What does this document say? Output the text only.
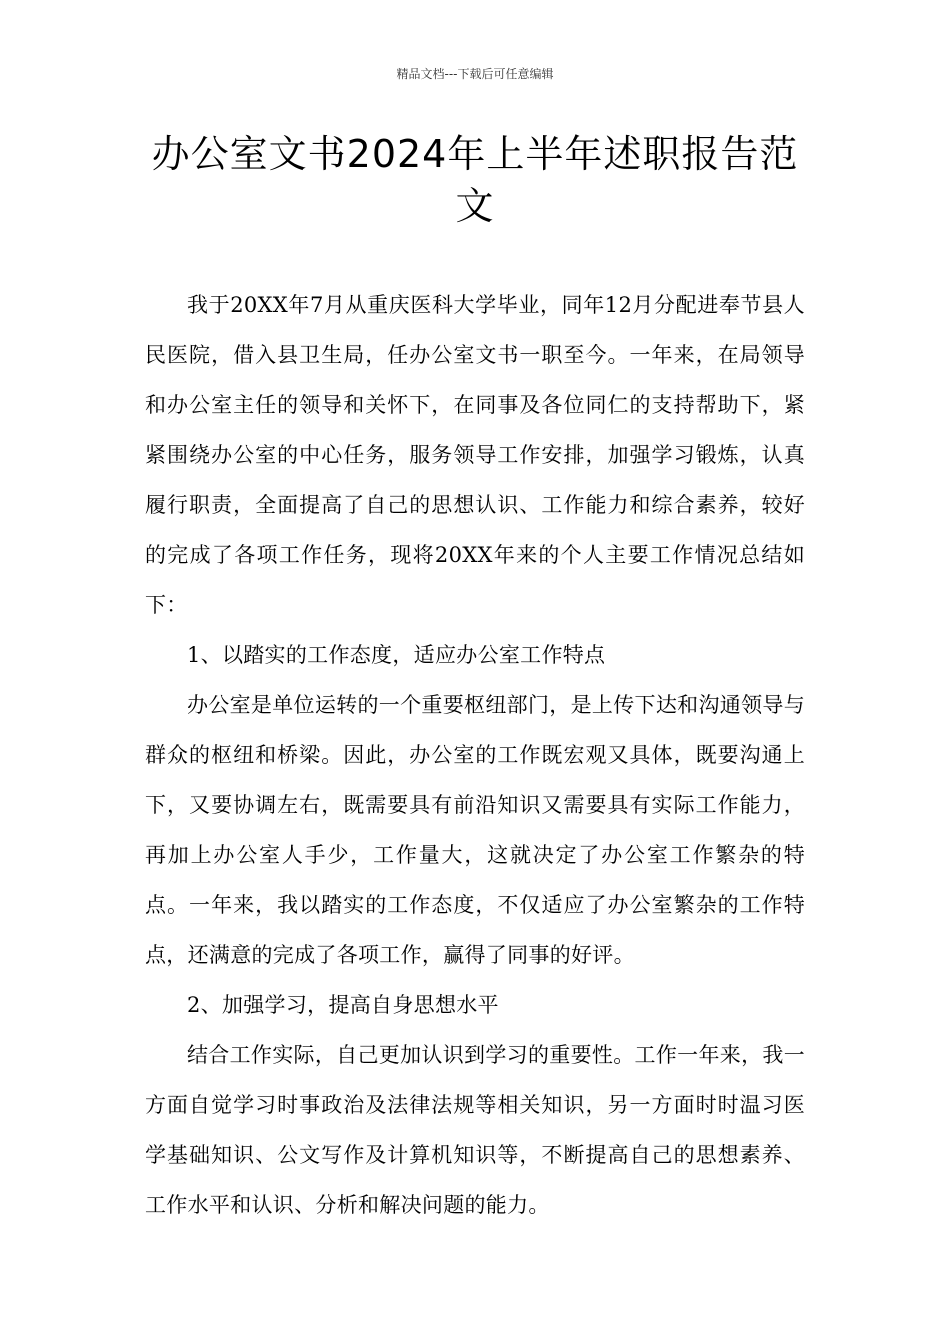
精品文档---下载后可任意编辑
办公室文书2024年上半年述职报告范文

我于20XX年7月从重庆医科大学毕业，同年12月分配进奉节县人民医院，借入县卫生局，任办公室文书一职至今。一年来，在局领导和办公室主任的领导和关怀下，在同事及各位同仁的支持帮助下，紧紧围绕办公室的中心任务，服务领导工作安排，加强学习锻炼，认真履行职责，全面提高了自己的思想认识、工作能力和综合素养，较好的完成了各项工作任务，现将20XX年来的个人主要工作情况总结如下：

1、以踏实的工作态度，适应办公室工作特点

办公室是单位运转的一个重要枢纽部门，是上传下达和沟通领导与群众的枢纽和桥梁。因此，办公室的工作既宏观又具体，既要沟通上下，又要协调左右，既需要具有前沿知识又需要具有实际工作能力，再加上办公室人手少，工作量大，这就决定了办公室工作繁杂的特点。一年来，我以踏实的工作态度，不仅适应了办公室繁杂的工作特点，还满意的完成了各项工作，赢得了同事的好评。

2、加强学习，提高自身思想水平

结合工作实际，自己更加认识到学习的重要性。工作一年来，我一方面自觉学习时事政治及法律法规等相关知识，另一方面时时温习医学基础知识、公文写作及计算机知识等，不断提高自己的思想素养、工作水平和认识、分析和解决问题的能力。
